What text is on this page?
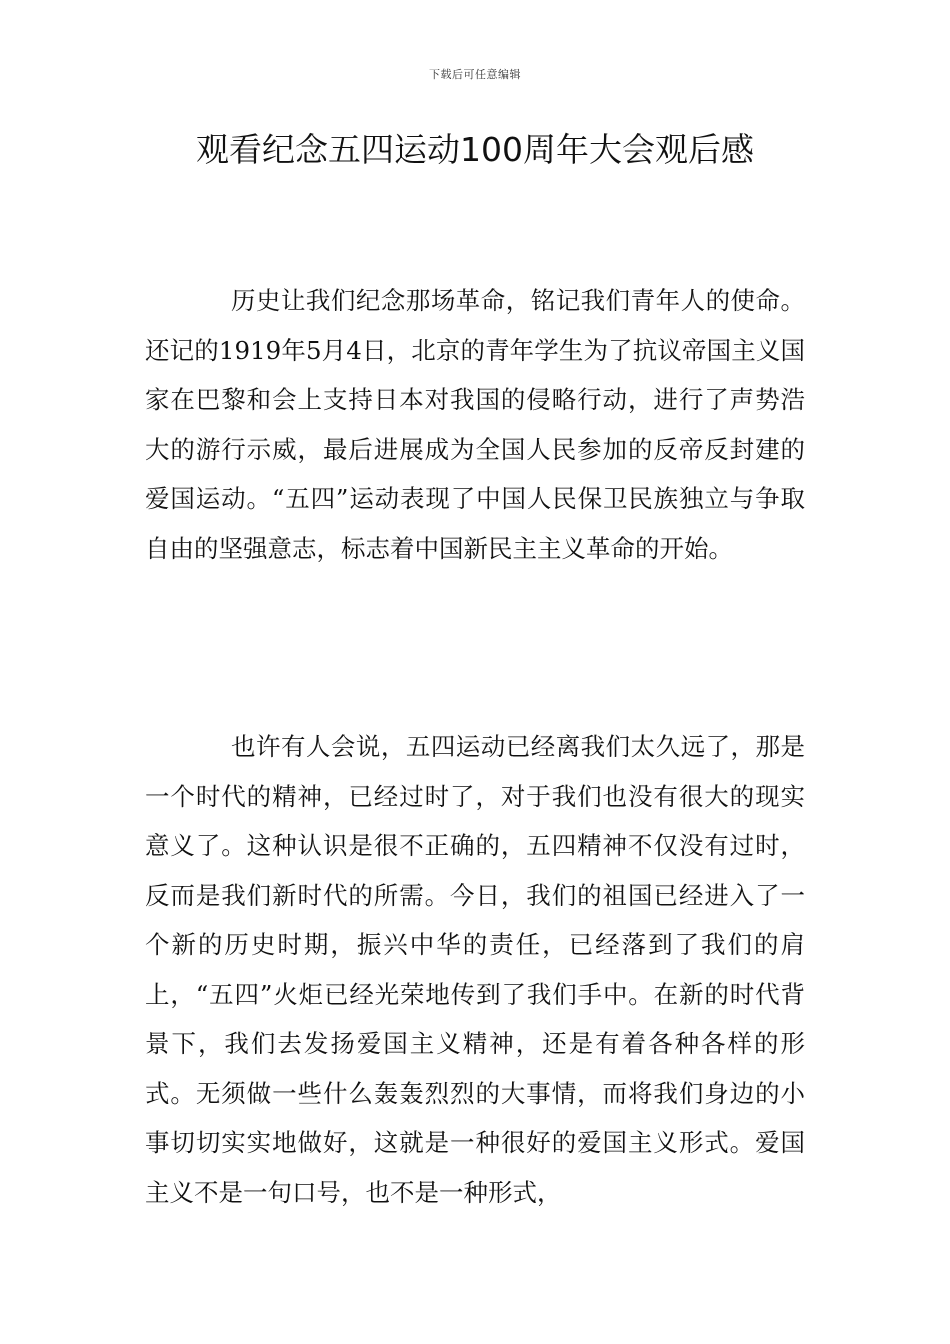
下载后可任意编辑
观看纪念五四运动100周年大会观后感

历史让我们纪念那场革命，铭记我们青年人的使命。还记的1919年5月4日，北京的青年学生为了抗议帝国主义国家在巴黎和会上支持日本对我国的侵略行动，进行了声势浩大的游行示威，最后进展成为全国人民参加的反帝反封建的爱国运动。“五四”运动表现了中国人民保卫民族独立与争取自由的坚强意志，标志着中国新民主主义革命的开始。

也许有人会说，五四运动已经离我们太久远了，那是一个时代的精神，已经过时了，对于我们也没有很大的现实意义了。这种认识是很不正确的，五四精神不仅没有过时，反而是我们新时代的所需。今日，我们的祖国已经进入了一个新的历史时期，振兴中华的责任，已经落到了我们的肩上，“五四”火炬已经光荣地传到了我们手中。在新的时代背景下，我们去发扬爱国主义精神，还是有着各种各样的形式。无须做一些什么轰轰烈烈的大事情，而将我们身边的小事切切实实地做好，这就是一种很好的爱国主义形式。爱国主义不是一句口号，也不是一种形式，
